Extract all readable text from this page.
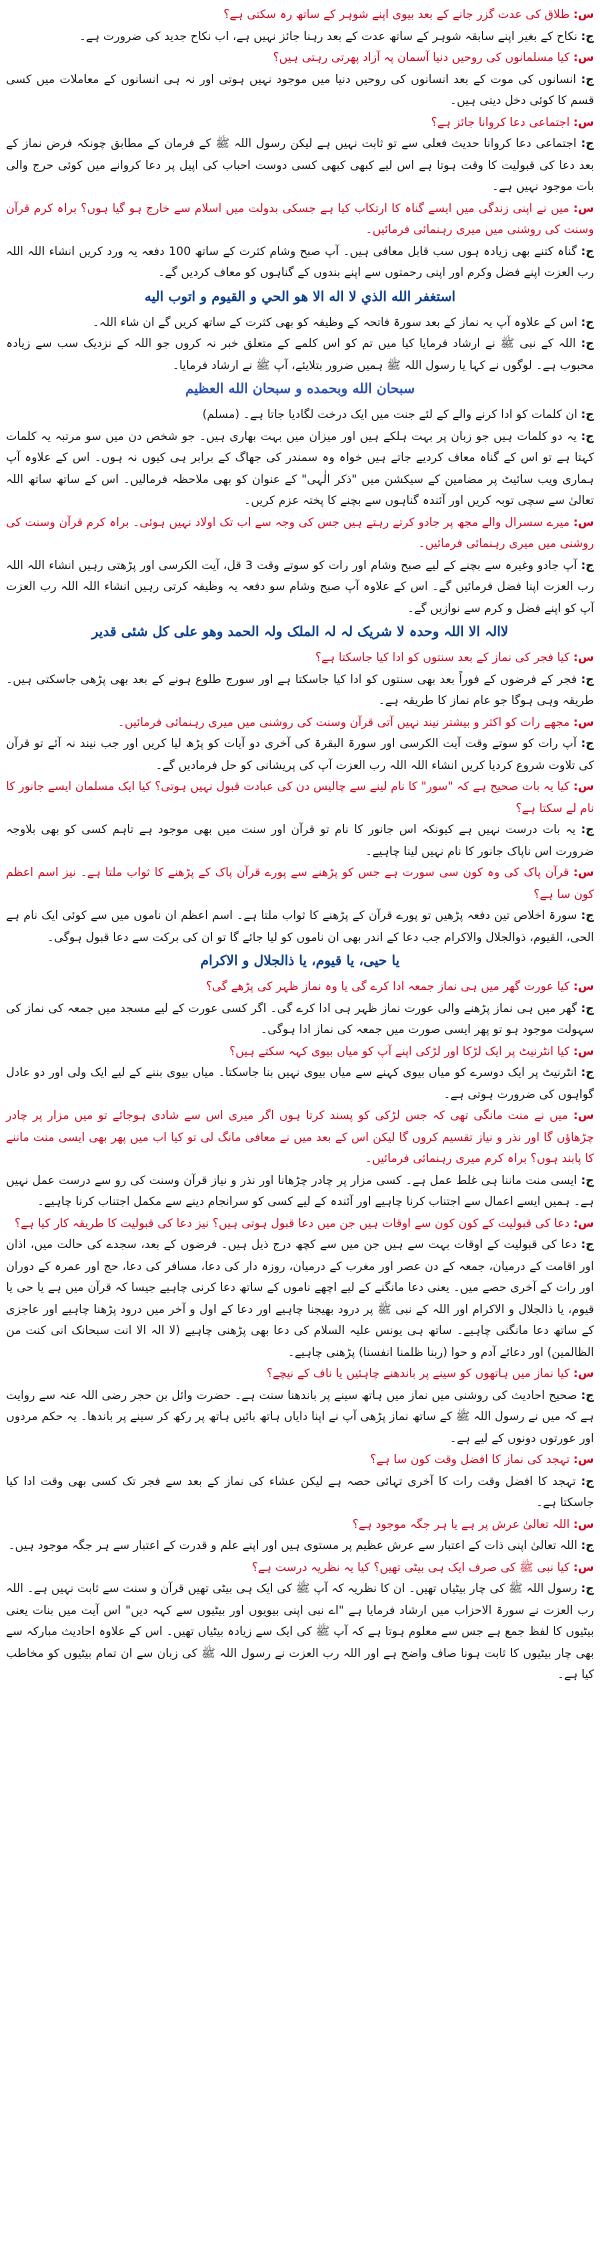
س: طلاق کی عدت گزر جانے کے بعد بیوی اپنے شوہر کے ساتھ رہ سکتی ہے؟

ج: نکاح کے بغیر اپنے سابقہ شوہر کے ساتھ عدت کے بعد رہنا جائز نہیں ہے، اب نکاح جدید کی ضرورت ہے۔

س: کیا مسلمانوں کی روحیں دنیا آسمان پہ آزاد پھرتی رہتی ہیں؟

ج: انسانوں کی موت کے بعد انسانوں کی روحیں دنیا میں موجود نہیں ہوتی اور نہ ہی انسانوں کے معاملات میں کسی قسم کا کوئی دخل دیتی ہیں۔

س: اجتماعی دعا کروانا جائز ہے؟

ج: اجتماعی دعا کروانا حدیث فعلی سے تو ثابت نہیں ہے لیکن رسول اللہ ﷺ کے فرمان کے مطابق چونکہ فرض نماز کے بعد دعا کی قبولیت کا وقت ہوتا ہے اس لیے کبھی کبھی کسی دوست احباب کی اپیل پر دعا کروانے میں کوئی حرج والی بات موجود نہیں ہے۔

س: میں نے اپنی زندگی میں ایسے گناہ کا ارتکاب کیا ہے جسکی بدولت میں اسلام سے خارج ہو گیا ہوں؟ براہ کرم قرآن وسنت کی روشنی میں میری رہنمائی فرمائیں۔

ج: گناہ کتنے بھی زیادہ ہوں سب قابل معافی ہیں۔ آپ صبح وشام کثرت کے ساتھ 100 دفعہ یہ ورد کریں انشاء اللہ اللہ رب العزت اپنے فضل وکرم اور اپنی رحمتوں سے اپنے بندوں کے گناہوں کو معاف کردیں گے۔

استغفر الله الذي لا اله الا هو الحي و القيوم و اتوب اليه

ج: اس کے علاوہ آپ یہ نماز کے بعد سورۃ فاتحہ کے وظیفہ کو بھی کثرت کے ساتھ کریں گے ان شاء اللہ۔

ج: اللہ کے نبی ﷺ نے ارشاد فرمایا کیا میں تم کو اس کلمے کے متعلق خبر نہ کروں جو اللہ کے نزدیک سب سے زیادہ محبوب ہے۔ لوگوں نے کہا یا رسول اللہ ﷺ ہمیں ضرور بتلایئے، آپ ﷺ نے ارشاد فرمایا۔

سبحان الله وبحمده و سبحان الله العظيم

ج: ان کلمات کو ادا کرنے والے کے لئے جنت میں ایک درخت لگادیا جاتا ہے۔ (مسلم)

ج: یہ دو کلمات ہیں جو زبان پر بہت ہلکے ہیں اور میزان میں بہت بھاری ہیں۔ جو شخص دن میں سو مرتبہ یہ کلمات کہتا ہے تو اس کے گناہ معاف کردیے جاتے ہیں خواہ وہ سمندر کی جھاگ کے برابر ہی کیوں نہ ہوں۔ اس کے علاوہ آپ ہماری ویب سائیٹ پر مضامین کے سیکشن میں "ذکر الٰہی" کے عنوان کو بھی ملاحظہ فرمالیں۔ اس کے ساتھ ساتھ اللہ تعالیٰ سے سچی توبہ کریں اور آئندہ گناہوں سے بچنے کا پختہ عزم کریں۔

س: میرے سسرال والے مجھ پر جادو کرتے رہتے ہیں جس کی وجہ سے اب تک اولاد نہیں ہوئی۔ براہ کرم قرآن وسنت کی روشنی میں میری رہنمائی فرمائیں۔

ج: آپ جادو وغیرہ سے بچنے کے لیے صبح وشام اور رات کو سوتے وقت 3 قل، آیت الکرسی اور پڑھتی رہیں انشاء اللہ اللہ رب العزت اپنا فضل فرمائیں گے۔ اس کے علاوہ آپ صبح وشام سو دفعہ یہ وظیفہ کرتی رہیں انشاء اللہ اللہ رب العزت آپ کو اپنے فضل و کرم سے نوازیں گے۔

لاالہ الا اللہ وحدہ لا شریک لہ لہ الملک ولہ الحمد وھو علی کل شئی قدیر

س: کیا فجر کی نماز کے بعد سنتوں کو ادا کیا جاسکتا ہے؟

ج: فجر کے فرضوں کے فوراً بعد بھی سنتوں کو ادا کیا جاسکتا ہے اور سورج طلوع ہونے کے بعد بھی پڑھی جاسکتی ہیں۔ طریقہ وہی ہوگا جو عام نماز کا طریقہ ہے۔

س: مجھے رات کو اکثر و بیشتر نیند نہیں آتی قرآن وسنت کی روشنی میں میری رہنمائی فرمائیں۔

ج: آپ رات کو سوتے وقت آیت الکرسی اور سورۃ البقرۃ کی آخری دو آیات کو پڑھ لیا کریں اور جب نیند نہ آئے تو قرآن کی تلاوت شروع کردیا کریں انشاء اللہ اللہ رب العزت آپ کی پریشانی کو حل فرمادیں گے۔

س: کیا یہ بات صحیح ہے کہ "سور" کا نام لینے سے چالیس دن کی عبادت قبول نہیں ہوتی؟ کیا ایک مسلمان ایسے جانور کا نام لے سکتا ہے؟

ج: یہ بات درست نہیں ہے کیونکہ اس جانور کا نام تو قرآن اور سنت میں بھی موجود ہے تاہم کسی کو بھی بلاوجہ ضرورت اس ناپاک جانور کا نام نہیں لینا چاہیے۔

س: قرآن پاک کی وہ کون سی سورت ہے جس کو پڑھنے سے پورے قرآن پاک کے پڑھنے کا ثواب ملتا ہے۔ نیز اسم اعظم کون سا ہے؟

ج: سورۃ اخلاص تین دفعہ پڑھیں تو پورے قرآن کے پڑھنے کا ثواب ملتا ہے۔ اسم اعظم ان ناموں میں سے کوئی ایک نام ہے الحی، القیوم، ذوالجلال والاکرام جب دعا کے اندر بھی ان ناموں کو لیا جائے گا تو ان کی برکت سے دعا قبول ہوگی۔

یا حیی، یا قیوم، یا ذالجلال و الاکرام

س: کیا عورت گھر میں ہی نماز جمعہ ادا کرے گی یا وہ نماز ظہر کی پڑھے گی؟

ج: گھر میں ہی نماز پڑھنے والی عورت نماز ظہر ہی ادا کرے گی۔ اگر کسی عورت کے لیے مسجد میں جمعہ کی نماز کی سہولت موجود ہو تو پھر ایسی صورت میں جمعہ کی نماز ادا ہوگی۔

س: کیا انٹرنیٹ پر ایک لڑکا اور لڑکی اپنے آپ کو میاں بیوی کہہ سکتے ہیں؟

ج: انٹرنیٹ پر ایک دوسرے کو میاں بیوی کہنے سے میاں بیوی نہیں بنا جاسکتا۔ میاں بیوی بننے کے لیے ایک ولی اور دو عادل گواہوں کی ضرورت ہوتی ہے۔

س: میں نے منت مانگی تھی کہ جس لڑکی کو پسند کرتا ہوں اگر میری اس سے شادی ہوجائے تو میں مزار پر چادر چڑھاؤں گا اور نذر و نیاز تقسیم کروں گا لیکن اس کے بعد میں نے معافی مانگ لی تو کیا اب میں پھر بھی ایسی منت ماننے کا پابند ہوں؟ براہ کرم میری رہنمائی فرمائیں۔

ج: ایسی منت ماننا ہی غلط عمل ہے۔ کسی مزار پر چادر چڑھانا اور نذر و نیاز قرآن وسنت کی رو سے درست عمل نہیں ہے۔ ہمیں ایسے اعمال سے اجتناب کرنا چاہیے اور آئندہ کے لیے کسی کو سرانجام دینے سے مکمل اجتناب کرنا چاہیے۔

س: دعا کی قبولیت کے کون کون سے اوقات ہیں جن میں دعا قبول ہوتی ہیں؟ نیز دعا کی قبولیت کا طریقہ کار کیا ہے؟

ج: دعا کی قبولیت کے اوقات بہت سے ہیں جن میں سے کچھ درج ذیل ہیں۔ فرضوں کے بعد، سجدے کی حالت میں، اذان اور اقامت کے درمیان، جمعہ کے دن عصر اور مغرب کے درمیان، روزہ دار کی دعا، مسافر کی دعا، حج اور عمرہ کے دوران اور رات کے آخری حصے میں۔ یعنی دعا مانگنے کے لیے اچھے ناموں کے ساتھ دعا کرنی چاہیے جیسا کہ قرآن میں ہے یا حی یا قیوم، یا ذالجلال و الاکرام اور اللہ کے نبی ﷺ پر درود بھیجنا چاہیے اور دعا کے اول و آخر میں درود پڑھنا چاہیے اور عاجزی کے ساتھ دعا مانگنی چاہیے۔ ساتھ ہی یونس علیہ السلام کی دعا بھی پڑھنی چاہیے (لا الہ الا انت سبحانک انی کنت من الظالمین) اور دعائے آدم و حوا (ربنا ظلمنا انفسنا) پڑھنی چاہیے۔

س: کیا نماز میں ہاتھوں کو سینے پر باندھنے چاہئیں یا ناف کے نیچے؟

ج: صحیح احادیث کی روشنی میں نماز میں ہاتھ سینے پر باندھنا سنت ہے۔ حضرت وائل بن حجر رضی اللہ عنہ سے روایت ہے کہ میں نے رسول اللہ ﷺ کے ساتھ نماز پڑھی آپ نے اپنا دایاں ہاتھ بائیں ہاتھ پر رکھ کر سینے پر باندھا۔ یہ حکم مردوں اور عورتوں دونوں کے لیے ہے۔

س: تہجد کی نماز کا افضل وقت کون سا ہے؟

ج: تہجد کا افضل وقت رات کا آخری تہائی حصہ ہے لیکن عشاء کی نماز کے بعد سے فجر تک کسی بھی وقت ادا کیا جاسکتا ہے۔

س: اللہ تعالیٰ عرش پر ہے یا ہر جگہ موجود ہے؟

ج: اللہ تعالیٰ اپنی ذات کے اعتبار سے عرش عظیم پر مستوی ہیں اور اپنے علم و قدرت کے اعتبار سے ہر جگہ موجود ہیں۔

س: کیا نبی ﷺ کی صرف ایک ہی بیٹی تھیں؟ کیا یہ نظریہ درست ہے؟

ج: رسول اللہ ﷺ کی چار بیٹیاں تھیں۔ ان کا نظریہ کہ آپ ﷺ کی ایک ہی بیٹی تھیں قرآن و سنت سے ثابت نہیں ہے۔ اللہ رب العزت نے سورۃ الاحزاب میں ارشاد فرمایا ہے "اے نبی اپنی بیویوں اور بیٹیوں سے کہہ دیں" اس آیت میں بنات یعنی بیٹیوں کا لفظ جمع ہے جس سے معلوم ہوتا ہے کہ آپ ﷺ کی ایک سے زیادہ بیٹیاں تھیں۔ اس کے علاوہ احادیث مبارکہ سے بھی چار بیٹیوں کا ثابت ہونا صاف واضح ہے اور اللہ رب العزت نے رسول اللہ ﷺ کی زبان سے ان تمام بیٹیوں کو مخاطب کیا ہے۔
